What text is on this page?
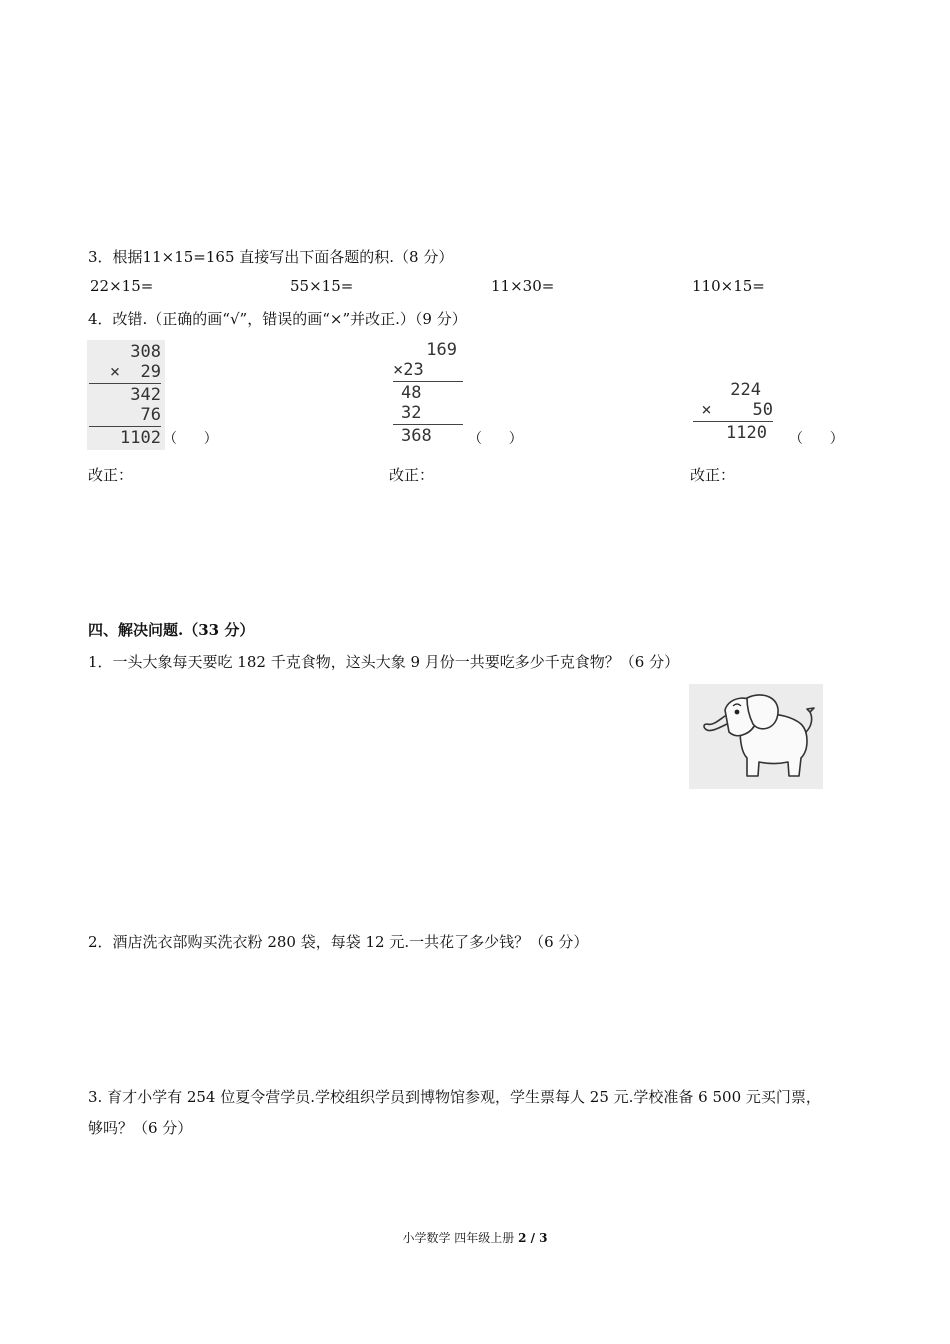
3．根据11×15=165 直接写出下面各题的积.（8 分）
22×15=	55×15=	11×30=	110×15=
4．改错.（正确的画“√”，错误的画“×”并改正.）（9 分）
308
×  29
342
76
1102 （      ）
169
×23
48
32
368	（      ）
224
×    50
1120	（      ）
改正：	改正：	改正：
四、解决问题.（33 分）
1．一头大象每天要吃 182 千克食物，这头大象 9 月份一共要吃多少千克食物？（6 分）
2．酒店洗衣部购买洗衣粉 280 袋，每袋 12 元.一共花了多少钱？（6 分）
3. 育才小学有 254 位夏令营学员.学校组织学员到博物馆参观，学生票每人 25 元.学校准备 6 500 元买门票，
够吗？（6 分）
小学数学 四年级上册 2 / 3
